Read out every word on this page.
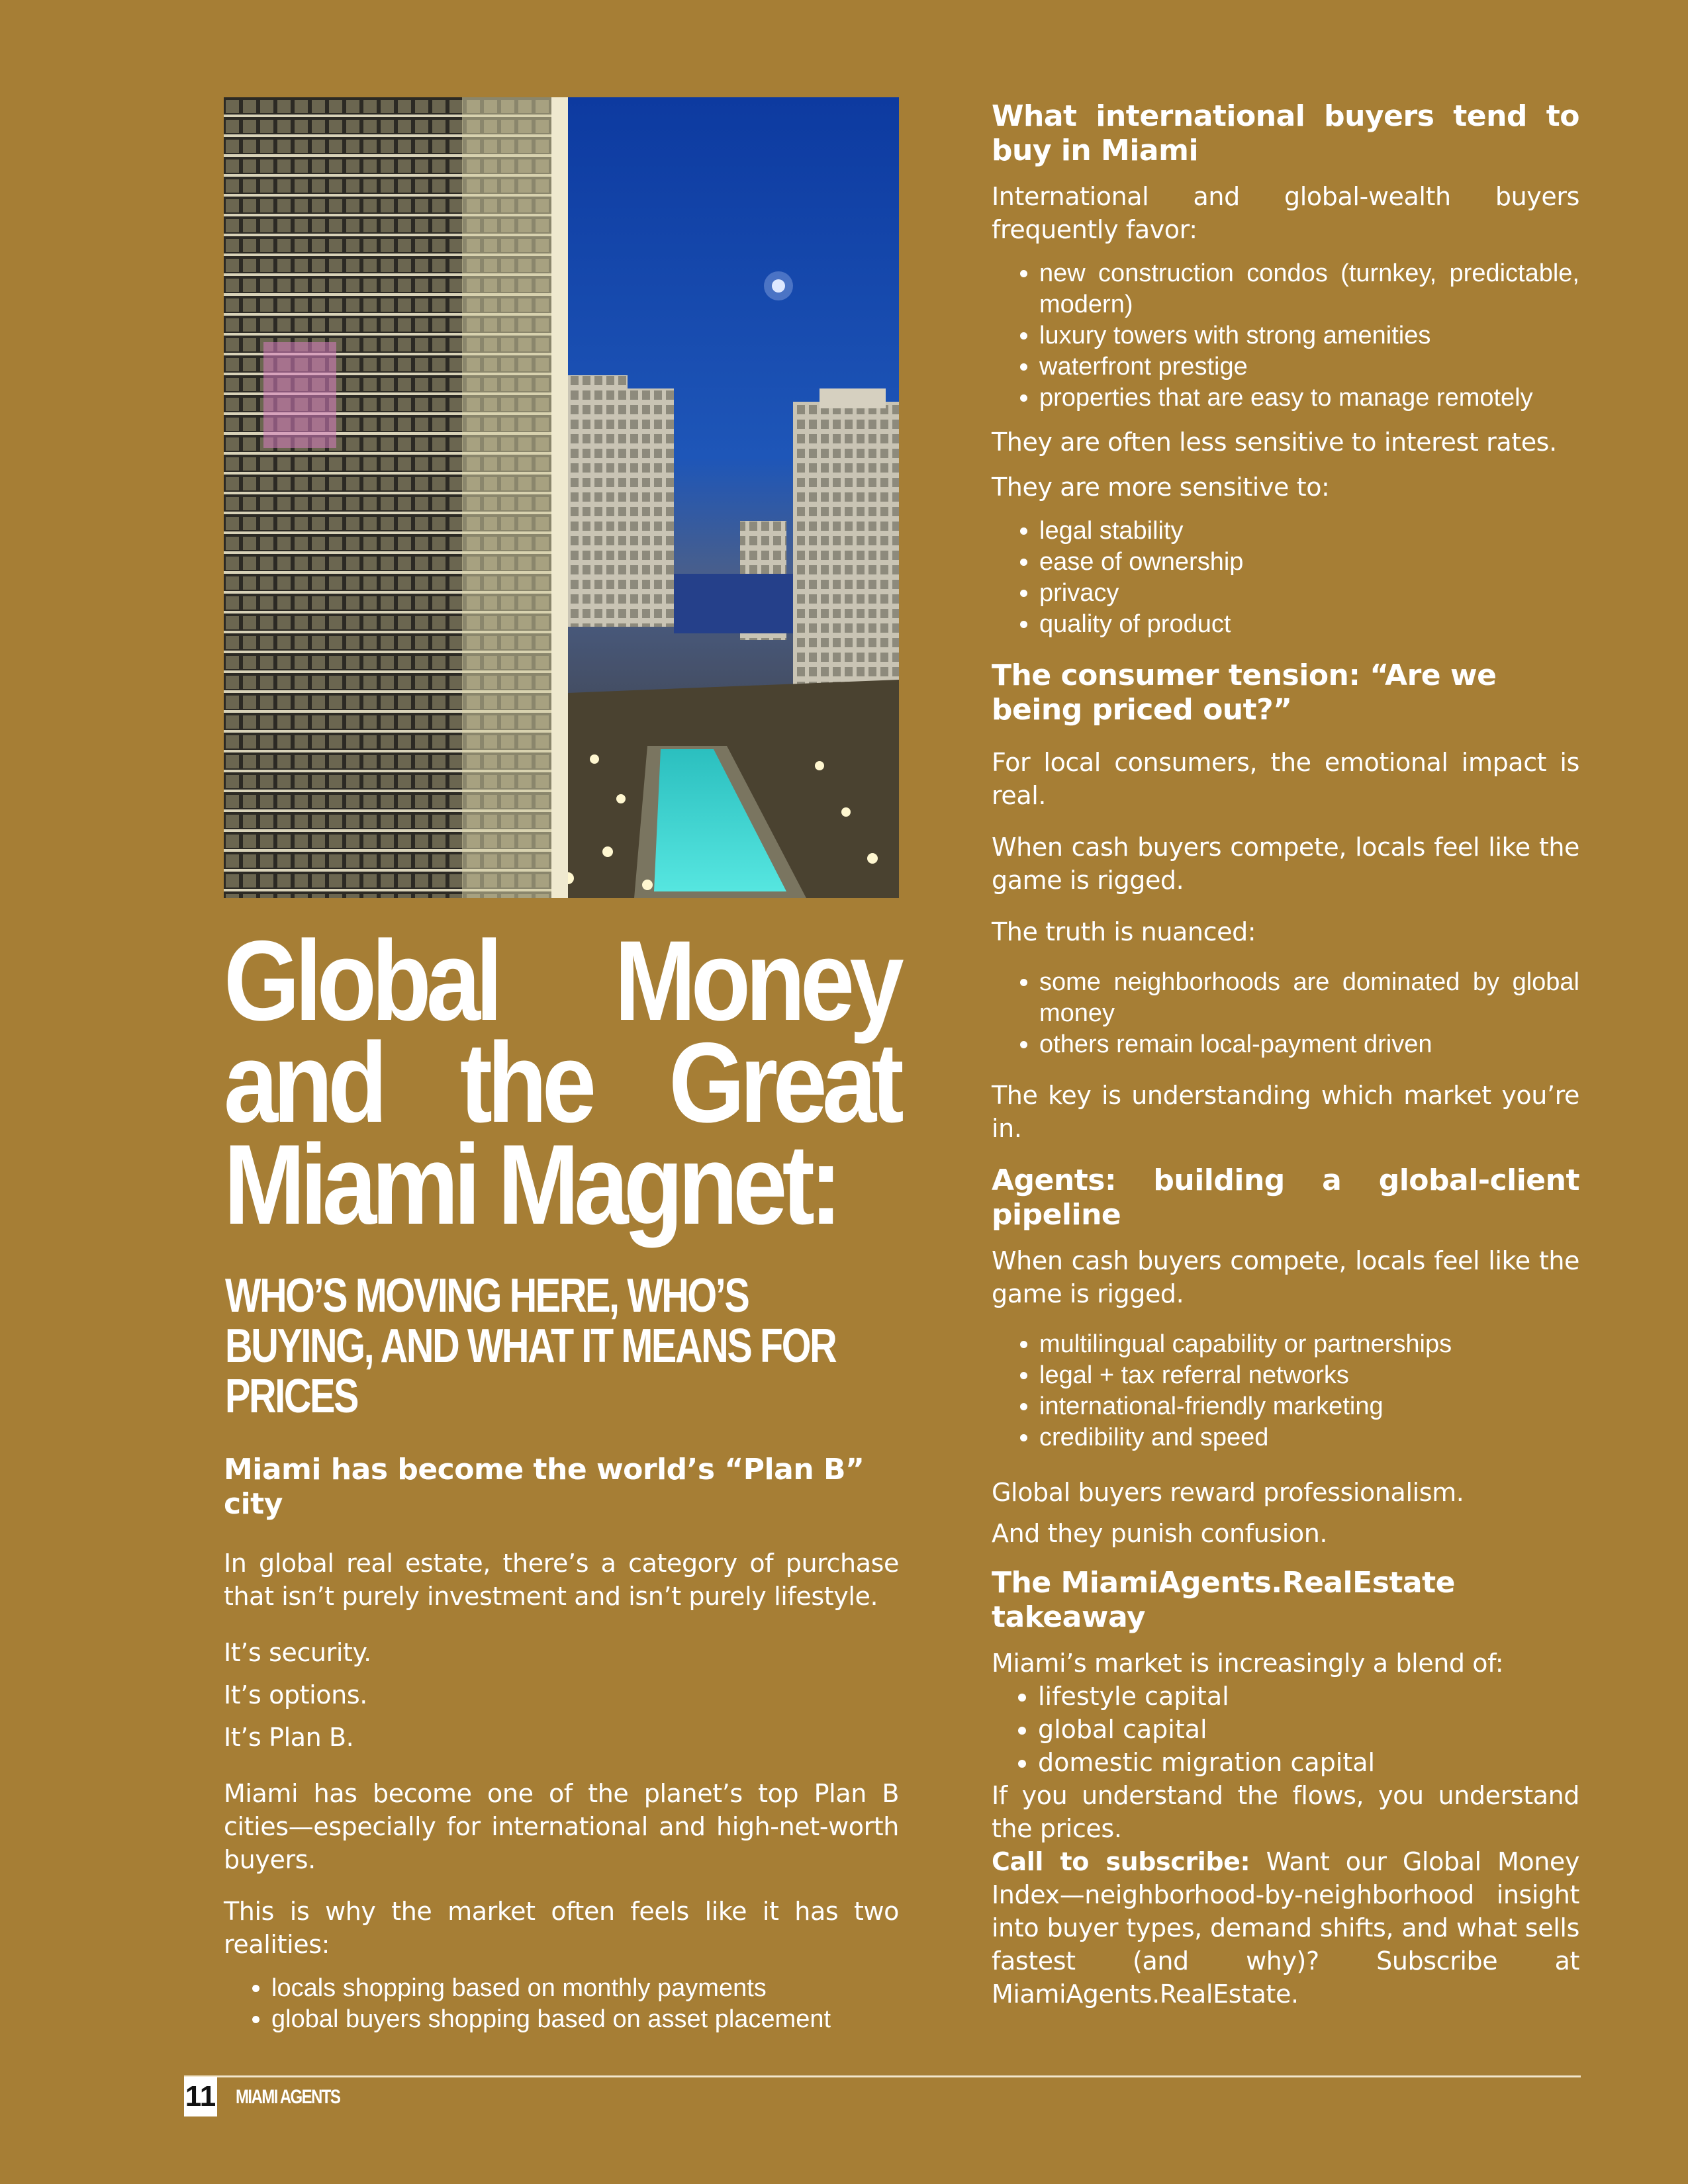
Global Money and the Great Miami Magnet:
WHO’S MOVING HERE, WHO’S BUYING, AND WHAT IT MEANS FOR PRICES
Miami has become the world’s “Plan B” city

In global real estate, there’s a category of purchase that isn’t purely investment and isn’t purely lifestyle.

It’s security.

It’s options.

It’s Plan B.

Miami has become one of the planet’s top Plan B cities—especially for international and high-net-worth buyers.

This is why the market often feels like it has two realities:

• locals shopping based on monthly payments
• global buyers shopping based on asset placement
What international buyers tend to buy in Miami

International and global-wealth buyers frequently favor:

• new construction condos (turnkey, predictable, modern)
• luxury towers with strong amenities
• waterfront prestige
• properties that are easy to manage remotely

They are often less sensitive to interest rates.

They are more sensitive to:

• legal stability
• ease of ownership
• privacy
• quality of product
The consumer tension: “Are we being priced out?”

For local consumers, the emotional impact is real.

When cash buyers compete, locals feel like the game is rigged.

The truth is nuanced:

• some neighborhoods are dominated by global money
• others remain local-payment driven

The key is understanding which market you’re in.

Agents: building a global-client pipeline

When cash buyers compete, locals feel like the game is rigged.

• multilingual capability or partnerships
• legal + tax referral networks
• international-friendly marketing
• credibility and speed

Global buyers reward professionalism.

And they punish confusion.

The MiamiAgents.RealEstate takeaway

Miami’s market is increasingly a blend of:

• lifestyle capital
• global capital
• domestic migration capital

If you understand the flows, you understand the prices.

Call to subscribe: Want our Global Money Index—neighborhood-by-neighborhood insight into buyer types, demand shifts, and what sells fastest (and why)? Subscribe at MiamiAgents.RealEstate.

11 MIAMI AGENTS
